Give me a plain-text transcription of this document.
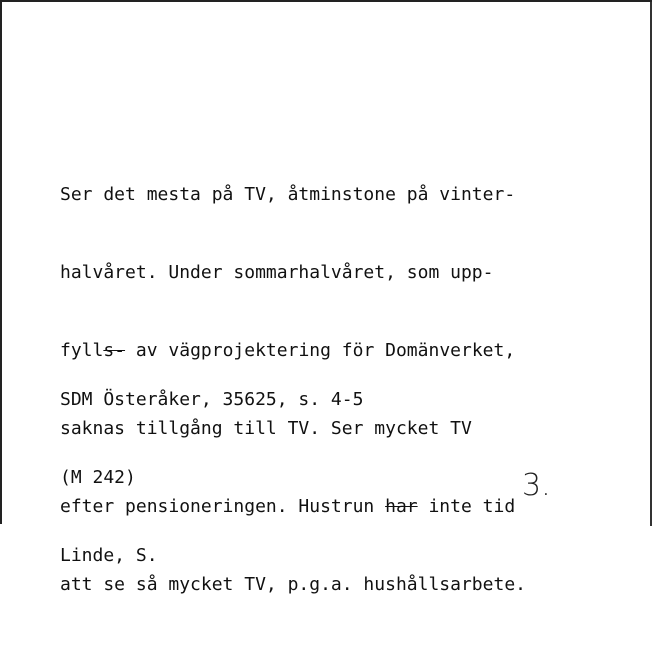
Ser det mesta på TV, åtminstone på vinter-

halvåret. Under sommarhalvåret, som upp-

fylls- av vägprojektering för Domänverket,

saknas tillgång till TV. Ser mycket TV

efter pensioneringen. Hustrun har inte tid

att se så mycket TV, p.g.a. hushållsarbete.

SDM Österåker, 35625, s. 4-5

(M 242)

Linde, S.

3.
